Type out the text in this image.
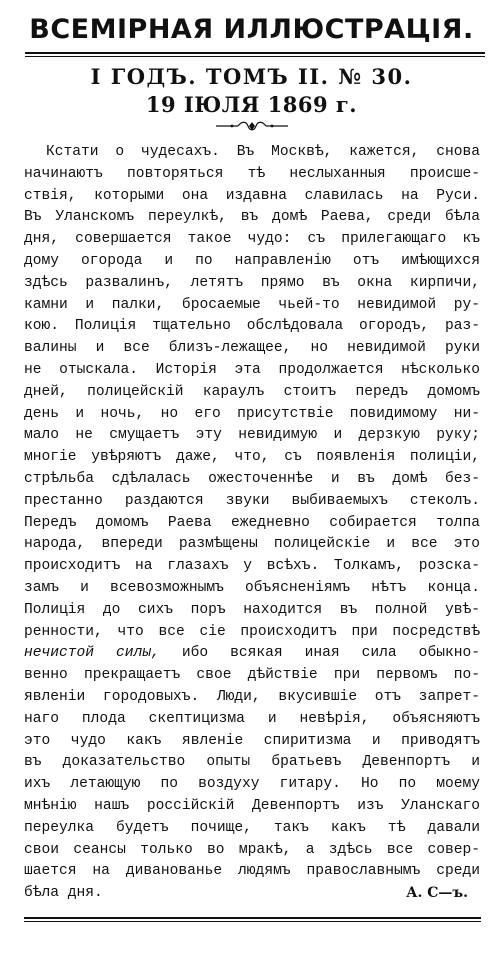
ВСЕМІРНАЯ ИЛЛЮСТРАЦІЯ.
I ГОДЪ. ТОМЪ II. № 30.
19 ІЮЛЯ 1869 г.
Кстати о чудесахъ. Въ Москвѣ, кажется, снова
начинаютъ повторяться тѣ неслыханныя происше-
ствія, которыми она издавна славилась на Руси.
Въ Уланскомъ переулкѣ, въ домѣ Раева, среди бѣла
дня, совершается такое чудо: съ прилегающаго къ
дому огорода и по направленію отъ имѣющихся
здѣсь развалинъ, летятъ прямо въ окна кирпичи,
камни и палки, бросаемые чьей-то невидимой ру-
кою. Полиція тщательно обслѣдовала огородъ, раз-
валины и все близъ-лежащее, но невидимой руки
не отыскала. Исторія эта продолжается нѣсколько
дней, полицейскій караулъ стоитъ передъ домомъ
день и ночь, но его присутствіе повидимому ни-
мало не смущаетъ эту невидимую и дерзкую руку;
многіе увѣряютъ даже, что, съ появленія полиціи,
стрѣльба сдѣлалась ожесточеннѣе и въ домѣ без-
престанно раздаются звуки выбиваемыхъ стеколъ.
Передъ домомъ Раева ежедневно собирается толпа
народа, впереди размѣщены полицейскіе и все это
происходитъ на глазахъ у всѣхъ. Толкамъ, розска-
замъ и всевозможнымъ объясненіямъ нѣтъ конца.
Полиція до сихъ поръ находится въ полной увѣ-
ренности, что все сіе происходитъ при посредствѣ
нечистой силы, ибо всякая иная сила обыкно-
венно прекращаетъ свое дѣйствіе при первомъ по-
явленіи городовыхъ. Люди, вкусившіе отъ запрет-
наго плода скептицизма и невѣрія, объясняютъ
это чудо какъ явленіе спиритизма и приводятъ
въ доказательство опыты братьевъ Девенпортъ и
ихъ летающую по воздуху гитару. Но по моему
мнѣнію нашъ россійскій Девенпортъ изъ Уланскаго
переулка будетъ почище, такъ какъ тѣ давали
свои сеансы только во мракѣ, а здѣсь все совер-
шается на диванованье людямъ православнымъ среди
бѣла дня.	А. С—ъ.
